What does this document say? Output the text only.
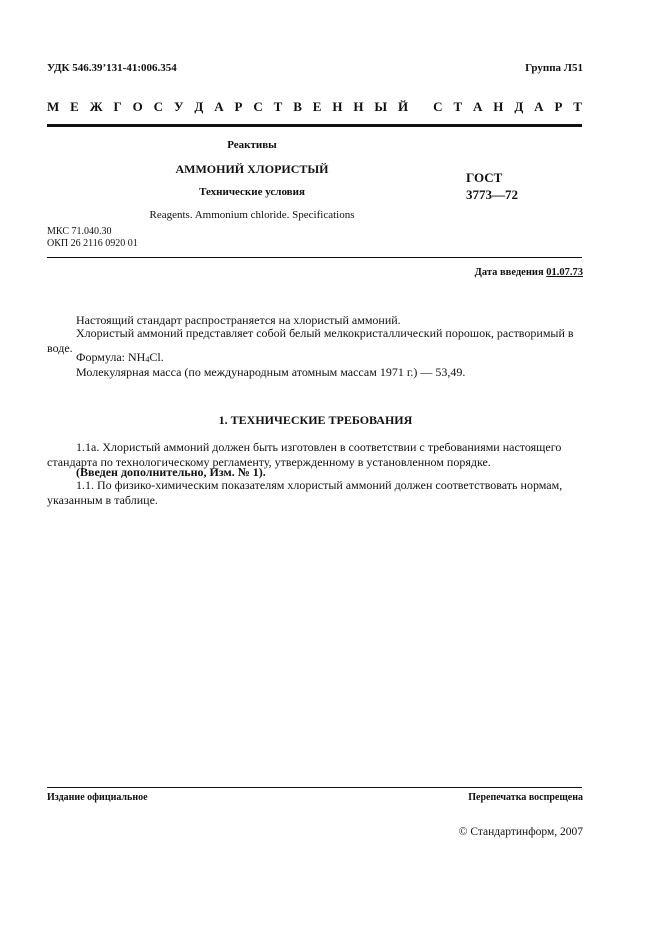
УДК 546.39’131-41:006.354	Группа Л51
М Е Ж Г О С У Д А Р С Т В Е Н Н Ы Й
С Т А Н Д А Р Т
Реактивы
АММОНИЙ ХЛОРИСТЫЙ
Технические условия
Reagents. Ammonium chloride. Specifications
ГОСТ
3773—72
МКС 71.040.30
ОКП 26 2116 0920 01
Дата введения 01.07.73
Настоящий стандарт распространяется на хлористый аммоний.
Хлористый аммоний представляет собой белый мелкокристаллический порошок, растворимый в воде.
Формула: $NH_4Cl$.
Молекулярная масса (по международным атомным массам 1971 г.) — 53,49.
1. ТЕХНИЧЕСКИЕ ТРЕБОВАНИЯ
1.1а. Хлористый аммоний должен быть изготовлен в соответствии с требованиями настоящего стандарта по технологическому регламенту, утвержденному в установленном порядке.
(Введен дополнительно, Изм. № 1).
1.1. По физико-химическим показателям хлористый аммоний должен соответствовать нормам, указанным в таблице.
Издание официальное	Перепечатка воспрещена
© Стандартинформ, 2007
